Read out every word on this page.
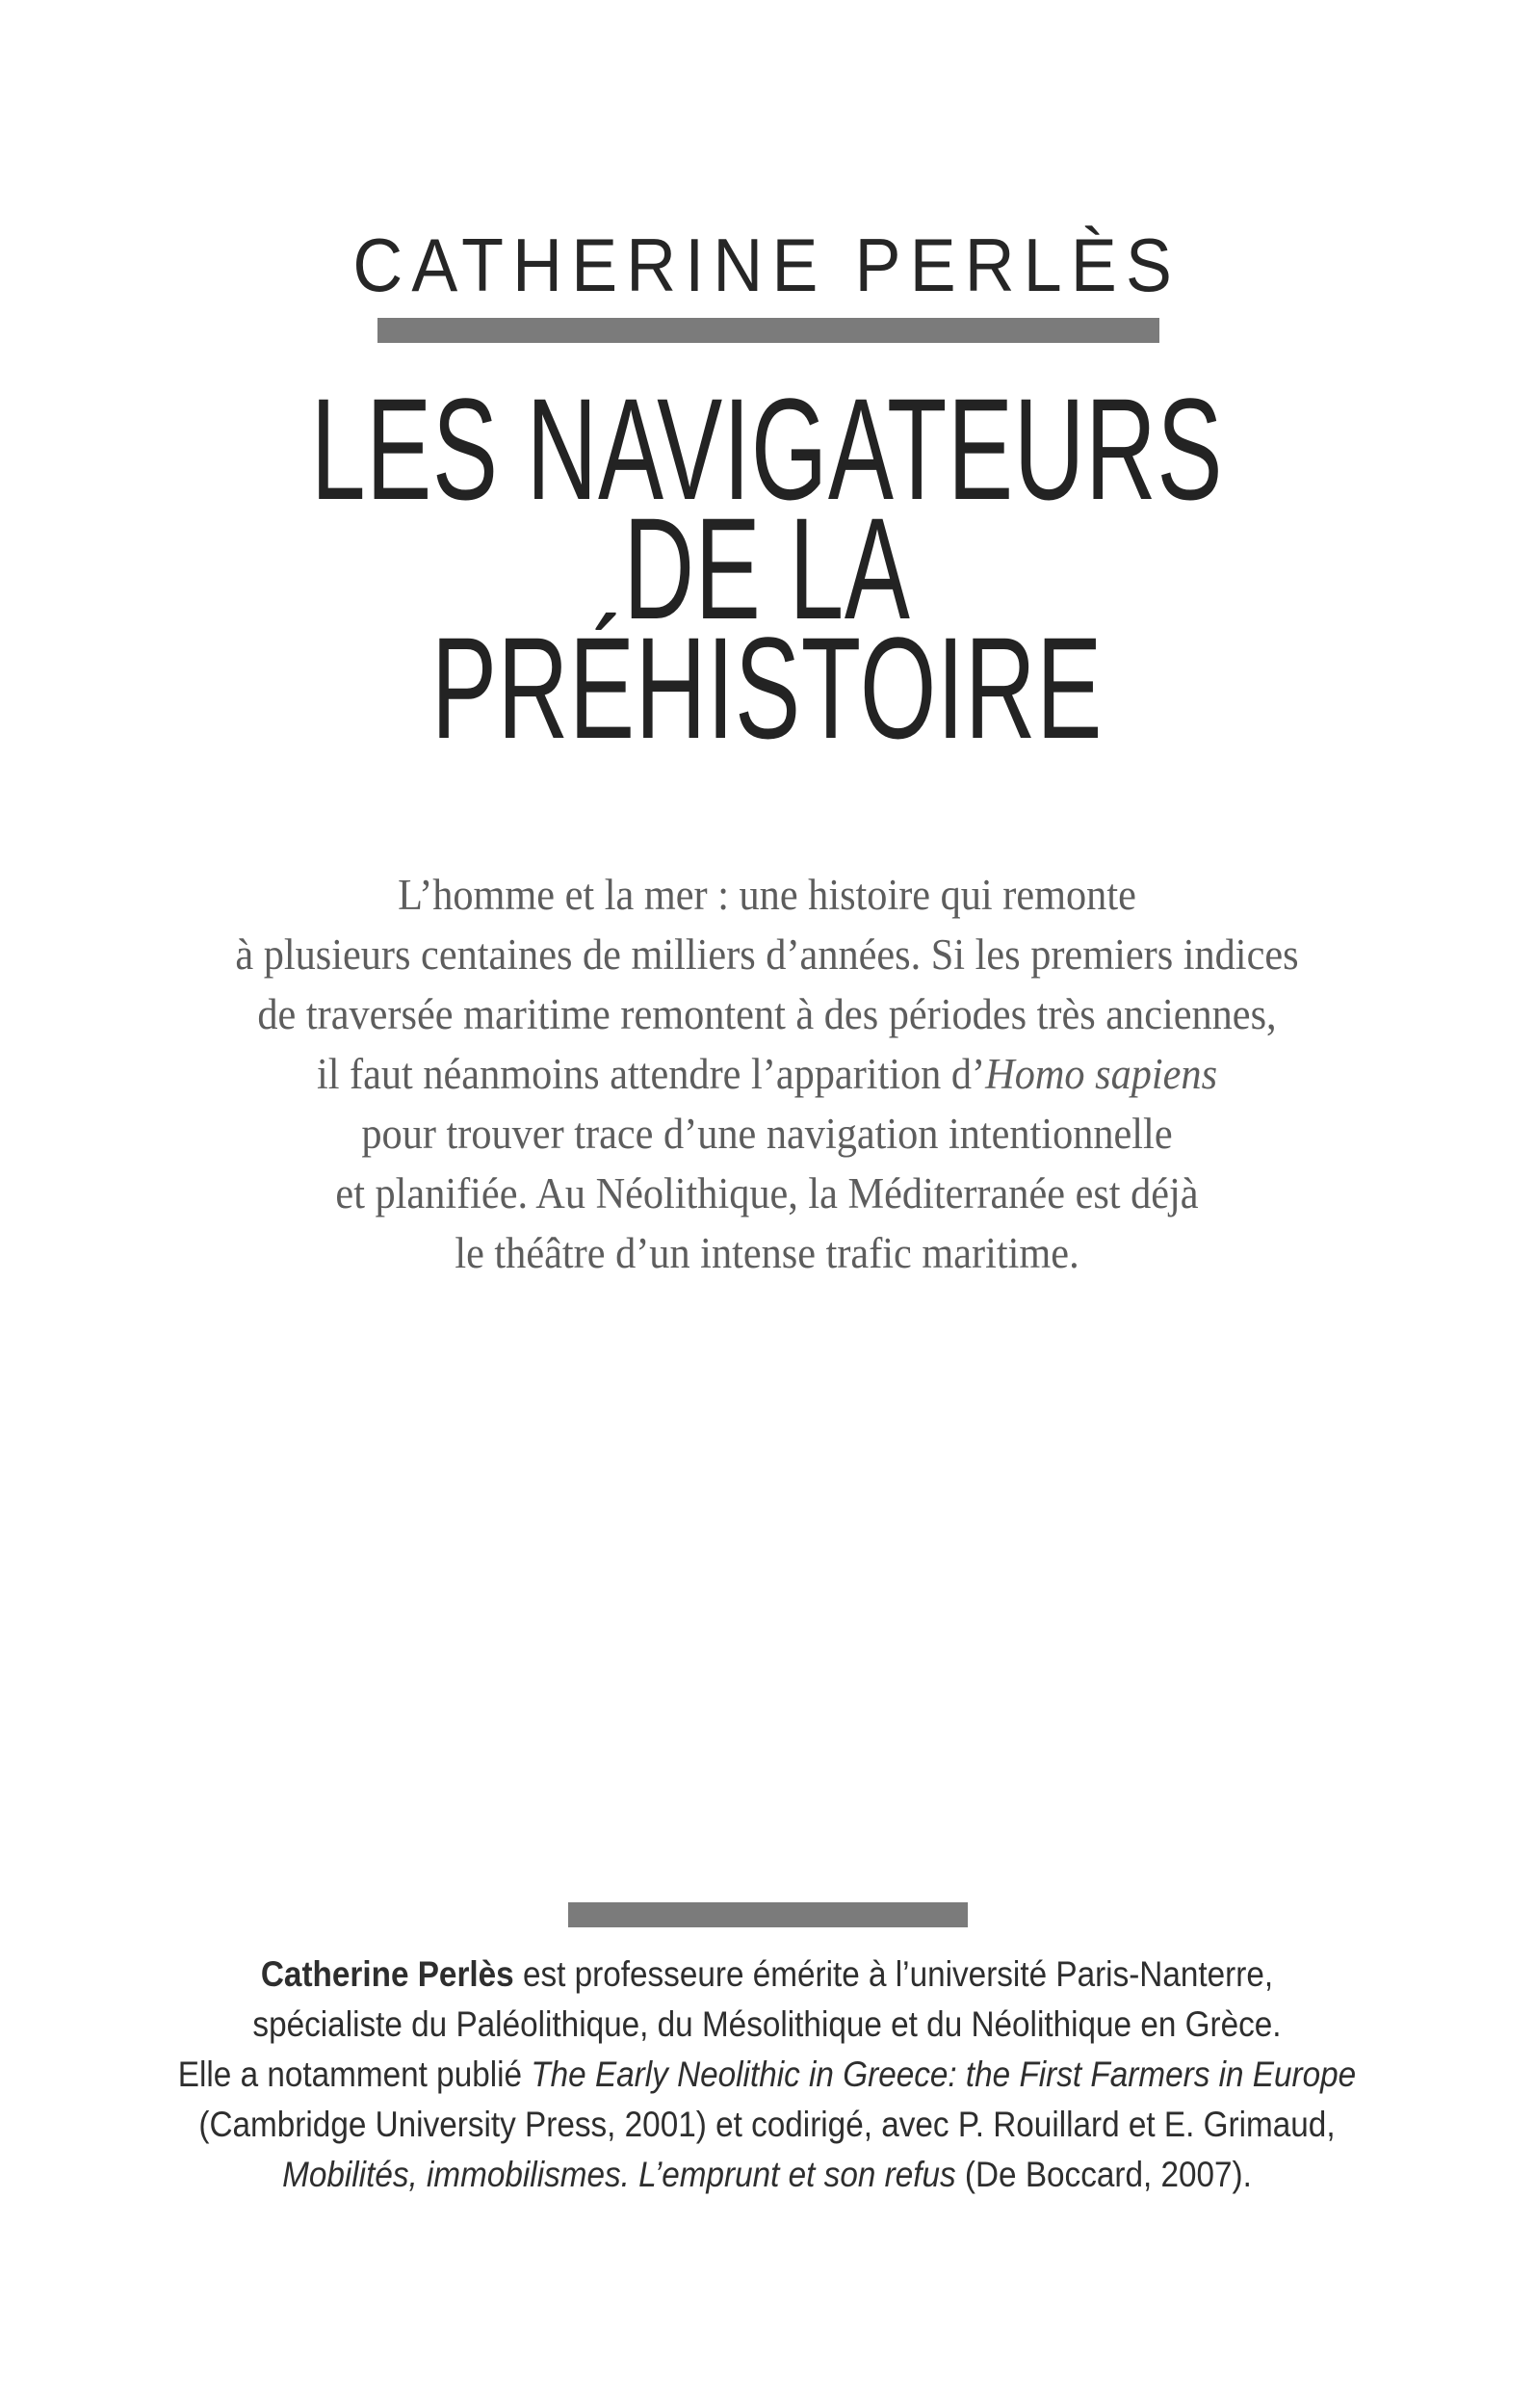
CATHERINE PERLÈS
LES NAVIGATEURS
DE LA
PRÉHISTOIRE
L’homme et la mer : une histoire qui remonte
à plusieurs centaines de milliers d’années. Si les premiers indices
de traversée maritime remontent à des périodes très anciennes,
il faut néanmoins attendre l’apparition d’Homo sapiens
pour trouver trace d’une navigation intentionnelle
et planifiée. Au Néolithique, la Méditerranée est déjà
le théâtre d’un intense trafic maritime.
Catherine Perlès est professeure émérite à l’université Paris-Nanterre,
spécialiste du Paléolithique, du Mésolithique et du Néolithique en Grèce.
Elle a notamment publié The Early Neolithic in Greece: the First Farmers in Europe
(Cambridge University Press, 2001) et codirigé, avec P. Rouillard et E. Grimaud,
Mobilités, immobilismes. L’emprunt et son refus (De Boccard, 2007).
